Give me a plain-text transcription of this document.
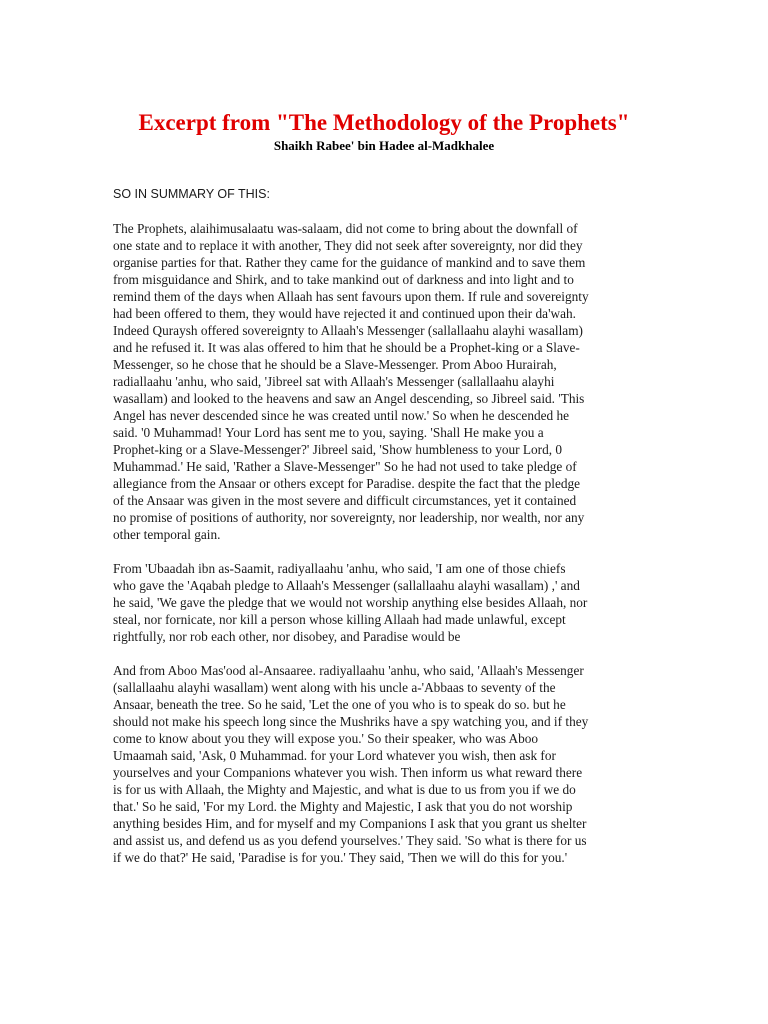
Excerpt from "The Methodology of the Prophets"
Shaikh Rabee' bin Hadee al-Madkhalee

SO IN SUMMARY OF THIS:

The Prophets, alaihimusalaatu was-salaam, did not come to bring about the downfall of
one state and to replace it with another, They did not seek after sovereignty, nor did they
organise parties for that. Rather they came for the guidance of mankind and to save them
from misguidance and Shirk, and to take mankind out of darkness and into light and to
remind them of the days when Allaah has sent favours upon them. If rule and sovereignty
had been offered to them, they would have rejected it and continued upon their da'wah.
Indeed Quraysh offered sovereignty to Allaah's Messenger (sallallaahu alayhi wasallam)
and he refused it. It was alas offered to him that he should be a Prophet-king or a Slave-
Messenger, so he chose that he should be a Slave-Messenger. Prom Aboo Hurairah,
radiallaahu 'anhu, who said, 'Jibreel sat with Allaah's Messenger (sallallaahu alayhi
wasallam) and looked to the heavens and saw an Angel descending, so Jibreel said. 'This
Angel has never descended since he was created until now.' So when he descended he
said. '0 Muhammad! Your Lord has sent me to you, saying. 'Shall He make you a
Prophet-king or a Slave-Messenger?' Jibreel said, 'Show humbleness to your Lord, 0
Muhammad.' He said, 'Rather a Slave-Messenger" So he had not used to take pledge of
allegiance from the Ansaar or others except for Paradise. despite the fact that the pledge
of the Ansaar was given in the most severe and difficult circumstances, yet it contained
no promise of positions of authority, nor sovereignty, nor leadership, nor wealth, nor any
other temporal gain.

From 'Ubaadah ibn as-Saamit, radiyallaahu 'anhu, who said, 'I am one of those chiefs
who gave the 'Aqabah pledge to Allaah's Messenger (sallallaahu alayhi wasallam) ,' and
he said, 'We gave the pledge that we would not worship anything else besides Allaah, nor
steal, nor fornicate, nor kill a person whose killing Allaah had made unlawful, except
rightfully, nor rob each other, nor disobey, and Paradise would be

And from Aboo Mas'ood al-Ansaaree. radiyallaahu 'anhu, who said, 'Allaah's Messenger
(sallallaahu alayhi wasallam) went along with his uncle a-'Abbaas to seventy of the
Ansaar, beneath the tree. So he said, 'Let the one of you who is to speak do so. but he
should not make his speech long since the Mushriks have a spy watching you, and if they
come to know about you they will expose you.' So their speaker, who was Aboo
Umaamah said, 'Ask, 0 Muhammad. for your Lord whatever you wish, then ask for
yourselves and your Companions whatever you wish. Then inform us what reward there
is for us with Allaah, the Mighty and Majestic, and what is due to us from you if we do
that.' So he said, 'For my Lord. the Mighty and Majestic, I ask that you do not worship
anything besides Him, and for myself and my Companions I ask that you grant us shelter
and assist us, and defend us as you defend yourselves.' They said. 'So what is there for us
if we do that?' He said, 'Paradise is for you.' They said, 'Then we will do this for you.'
